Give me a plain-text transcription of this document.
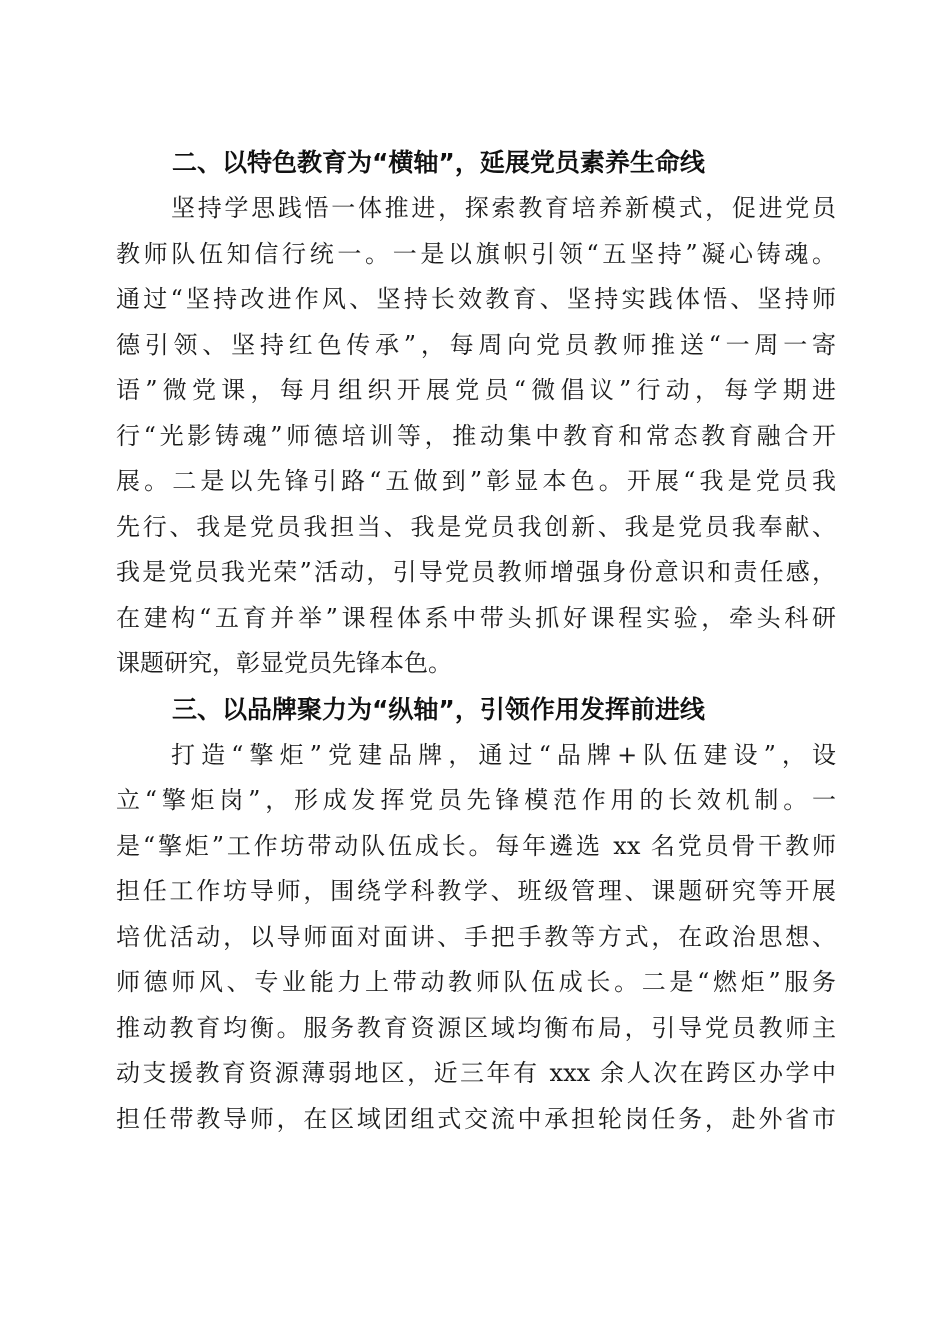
二、以特色教育为“横轴”，延展党员素养生命线
坚持学思践悟一体推进，探索教育培养新模式，促进党员
教师队伍知信行统一。一是以旗帜引领“五坚持”凝心铸魂。
通过“坚持改进作风、坚持长效教育、坚持实践体悟、坚持师
德引领、坚持红色传承”，每周向党员教师推送“一周一寄
语”微党课，每月组织开展党员“微倡议”行动，每学期进
行“光影铸魂”师德培训等，推动集中教育和常态教育融合开
展。二是以先锋引路“五做到”彰显本色。开展“我是党员我
先行、我是党员我担当、我是党员我创新、我是党员我奉献、
我是党员我光荣”活动，引导党员教师增强身份意识和责任感，
在建构“五育并举”课程体系中带头抓好课程实验，牵头科研
课题研究，彰显党员先锋本色。
三、以品牌聚力为“纵轴”，引领作用发挥前进线
打造“擎炬”党建品牌，通过“品牌+队伍建设”，设
立“擎炬岗”，形成发挥党员先锋模范作用的长效机制。一
是“擎炬”工作坊带动队伍成长。每年遴选 xx 名党员骨干教师
担任工作坊导师，围绕学科教学、班级管理、课题研究等开展
培优活动，以导师面对面讲、手把手教等方式，在政治思想、
师德师风、专业能力上带动教师队伍成长。二是“燃炬”服务
推动教育均衡。服务教育资源区域均衡布局，引导党员教师主
动支援教育资源薄弱地区，近三年有 xxx 余人次在跨区办学中
担任带教导师，在区域团组式交流中承担轮岗任务，赴外省市
